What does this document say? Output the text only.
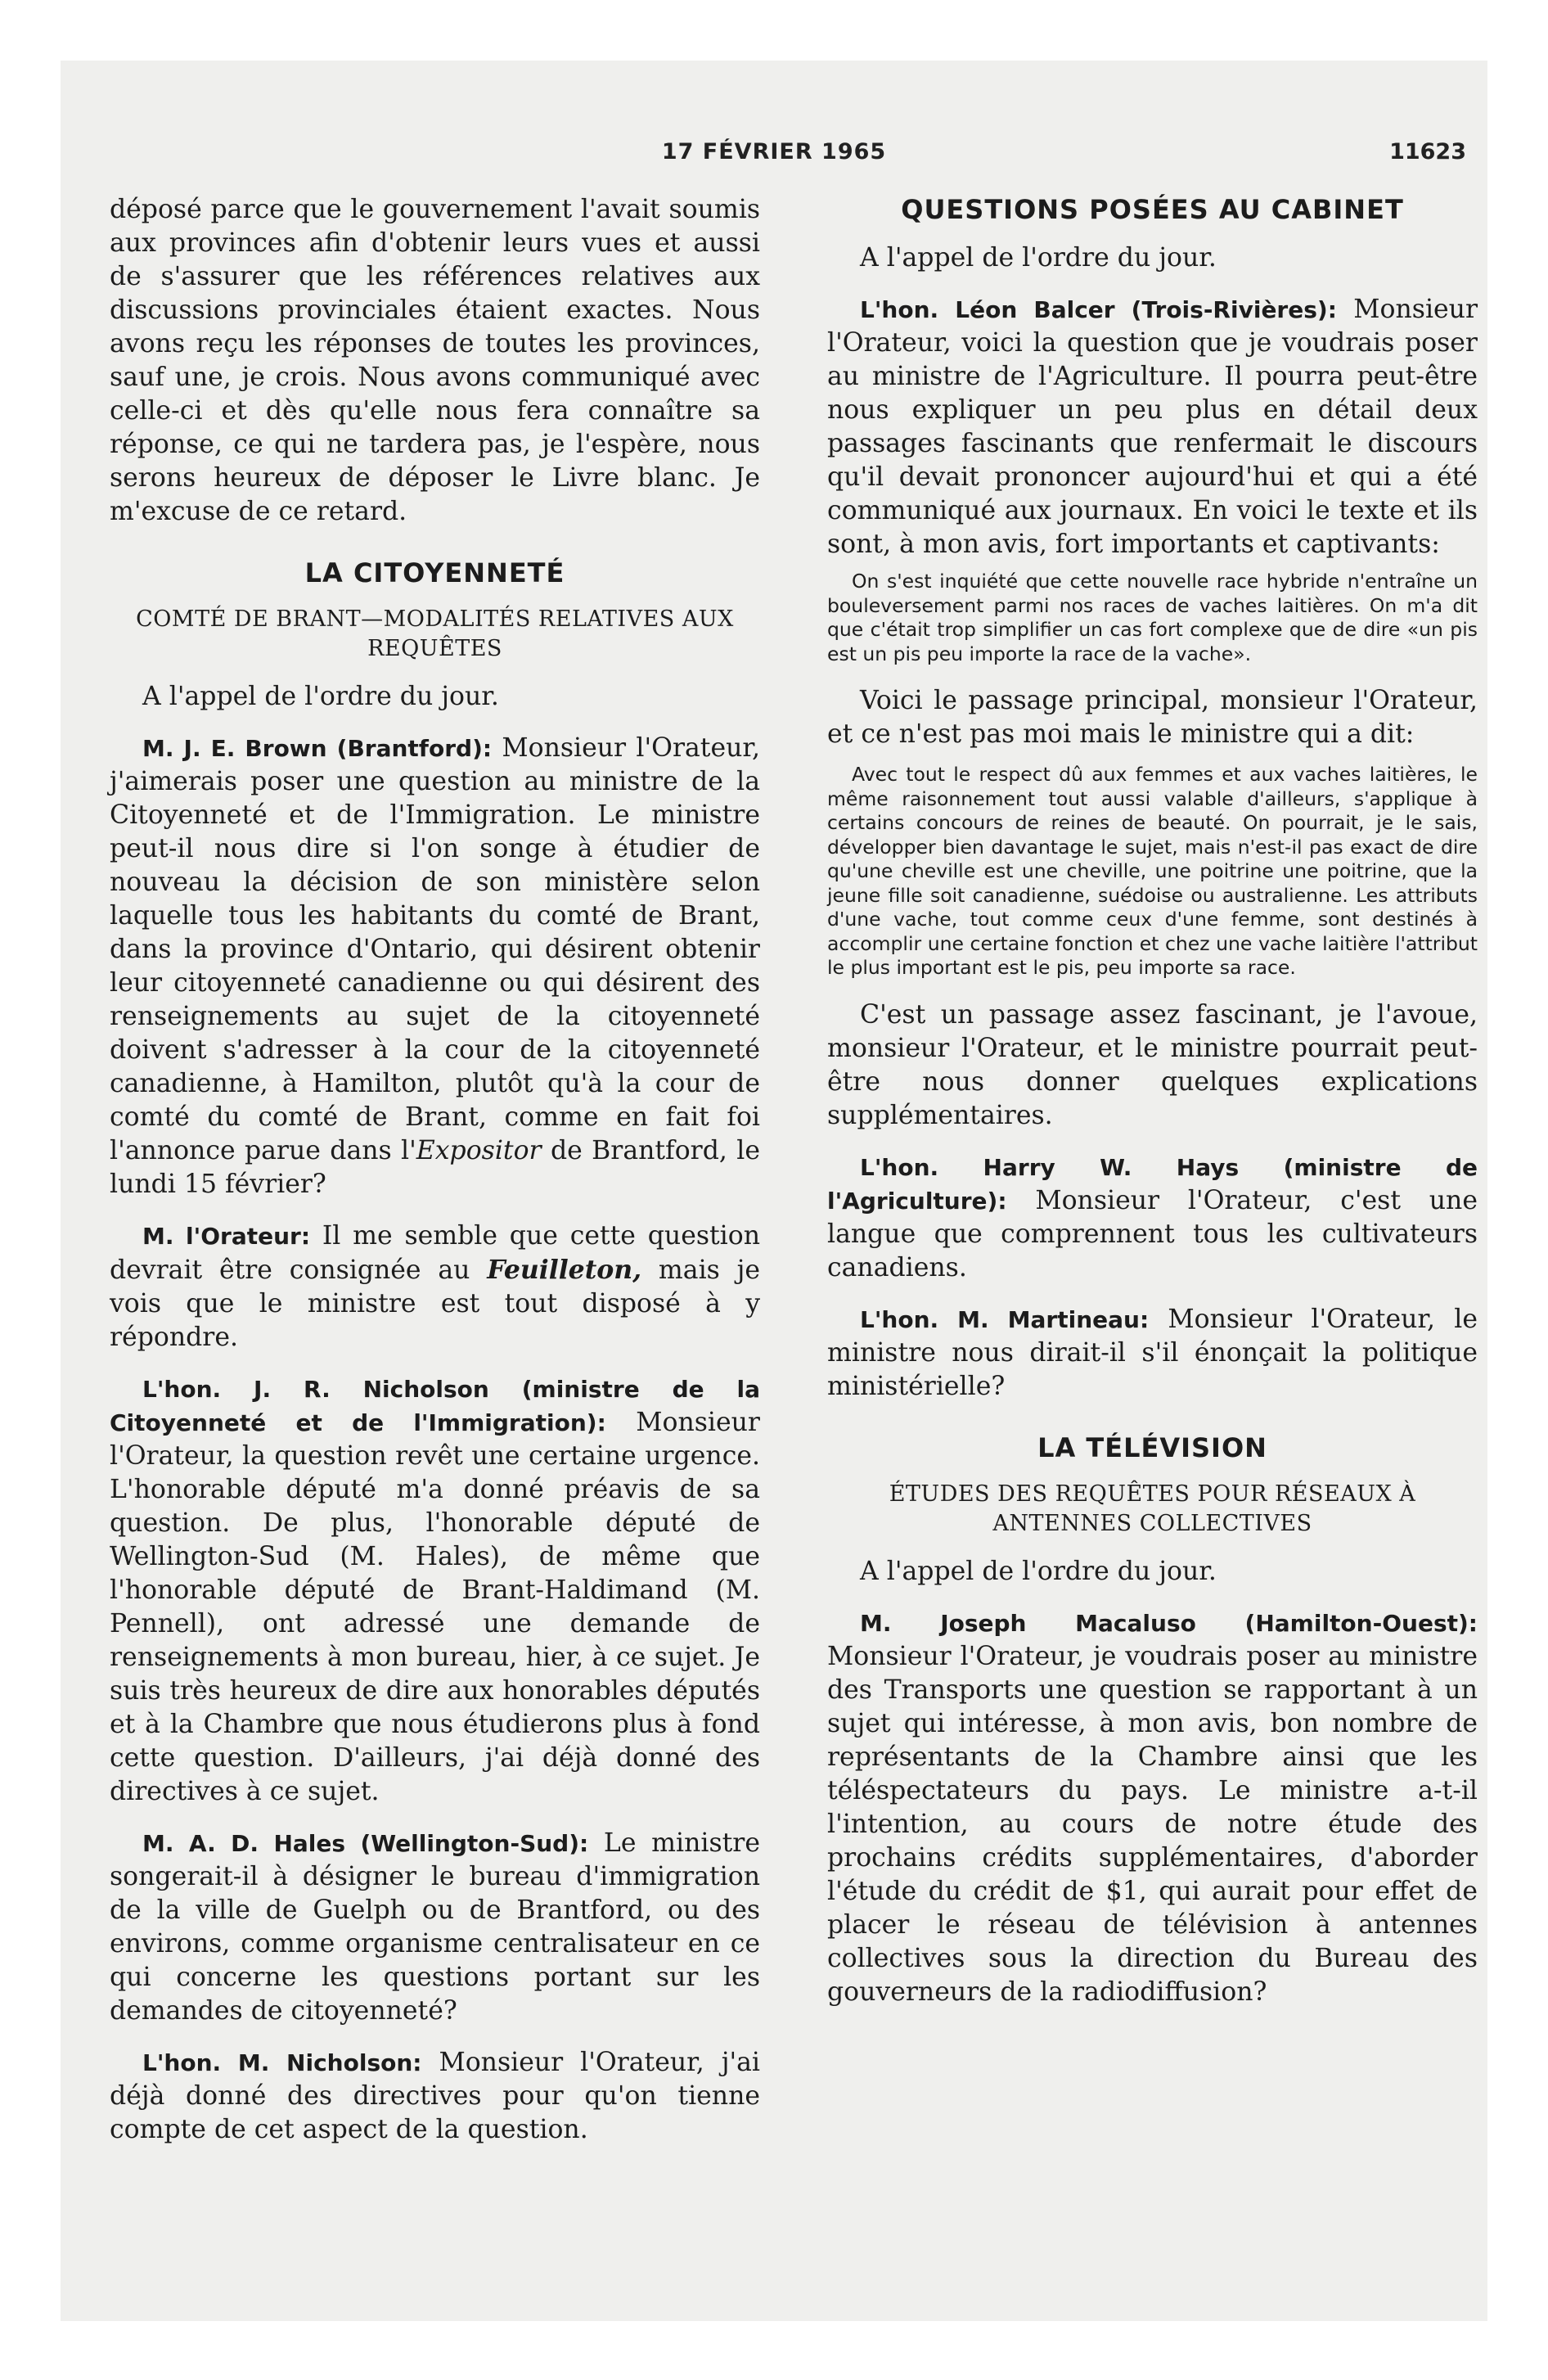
17 FÉVRIER 1965	11623

déposé parce que le gouvernement l'avait soumis aux provinces afin d'obtenir leurs vues et aussi de s'assurer que les références relatives aux discussions provinciales étaient exactes. Nous avons reçu les réponses de toutes les provinces, sauf une, je crois. Nous avons communiqué avec celle-ci et dès qu'elle nous fera connaître sa réponse, ce qui ne tardera pas, je l'espère, nous serons heureux de déposer le Livre blanc. Je m'excuse de ce retard.

LA CITOYENNETÉ
COMTÉ DE BRANT—MODALITÉS RELATIVES AUX REQUÊTES

A l'appel de l'ordre du jour.

M. J. E. Brown (Brantford): Monsieur l'Orateur, j'aimerais poser une question au ministre de la Citoyenneté et de l'Immigration. Le ministre peut-il nous dire si l'on songe à étudier de nouveau la décision de son ministère selon laquelle tous les habitants du comté de Brant, dans la province d'Ontario, qui désirent obtenir leur citoyenneté canadienne ou qui désirent des renseignements au sujet de la citoyenneté doivent s'adresser à la cour de la citoyenneté canadienne, à Hamilton, plutôt qu'à la cour de comté du comté de Brant, comme en fait foi l'annonce parue dans l'Expositor de Brantford, le lundi 15 février?

M. l'Orateur: Il me semble que cette question devrait être consignée au Feuilleton, mais je vois que le ministre est tout disposé à y répondre.

L'hon. J. R. Nicholson (ministre de la Citoyenneté et de l'Immigration): Monsieur l'Orateur, la question revêt une certaine urgence. L'honorable député m'a donné préavis de sa question. De plus, l'honorable député de Wellington-Sud (M. Hales), de même que l'honorable député de Brant-Haldimand (M. Pennell), ont adressé une demande de renseignements à mon bureau, hier, à ce sujet. Je suis très heureux de dire aux honorables députés et à la Chambre que nous étudierons plus à fond cette question. D'ailleurs, j'ai déjà donné des directives à ce sujet.

M. A. D. Hales (Wellington-Sud): Le ministre songerait-il à désigner le bureau d'immigration de la ville de Guelph ou de Brantford, ou des environs, comme organisme centralisateur en ce qui concerne les questions portant sur les demandes de citoyenneté?

L'hon. M. Nicholson: Monsieur l'Orateur, j'ai déjà donné des directives pour qu'on tienne compte de cet aspect de la question.

QUESTIONS POSÉES AU CABINET

A l'appel de l'ordre du jour.

L'hon. Léon Balcer (Trois-Rivières): Monsieur l'Orateur, voici la question que je voudrais poser au ministre de l'Agriculture. Il pourra peut-être nous expliquer un peu plus en détail deux passages fascinants que renfermait le discours qu'il devait prononcer aujourd'hui et qui a été communiqué aux journaux. En voici le texte et ils sont, à mon avis, fort importants et captivants:

On s'est inquiété que cette nouvelle race hybride n'entraîne un bouleversement parmi nos races de vaches laitières. On m'a dit que c'était trop simplifier un cas fort complexe que de dire «un pis est un pis peu importe la race de la vache».

Voici le passage principal, monsieur l'Orateur, et ce n'est pas moi mais le ministre qui a dit:

Avec tout le respect dû aux femmes et aux vaches laitières, le même raisonnement tout aussi valable d'ailleurs, s'applique à certains concours de reines de beauté. On pourrait, je le sais, développer bien davantage le sujet, mais n'est-il pas exact de dire qu'une cheville est une cheville, une poitrine une poitrine, que la jeune fille soit canadienne, suédoise ou australienne. Les attributs d'une vache, tout comme ceux d'une femme, sont destinés à accomplir une certaine fonction et chez une vache laitière l'attribut le plus important est le pis, peu importe sa race.

C'est un passage assez fascinant, je l'avoue, monsieur l'Orateur, et le ministre pourrait peut-être nous donner quelques explications supplémentaires.

L'hon. Harry W. Hays (ministre de l'Agriculture): Monsieur l'Orateur, c'est une langue que comprennent tous les cultivateurs canadiens.

L'hon. M. Martineau: Monsieur l'Orateur, le ministre nous dirait-il s'il énonçait la politique ministérielle?

LA TÉLÉVISION
ÉTUDES DES REQUÊTES POUR RÉSEAUX À ANTENNES COLLECTIVES

A l'appel de l'ordre du jour.

M. Joseph Macaluso (Hamilton-Ouest): Monsieur l'Orateur, je voudrais poser au ministre des Transports une question se rapportant à un sujet qui intéresse, à mon avis, bon nombre de représentants de la Chambre ainsi que les téléspectateurs du pays. Le ministre a-t-il l'intention, au cours de notre étude des prochains crédits supplémentaires, d'aborder l'étude du crédit de $1, qui aurait pour effet de placer le réseau de télévision à antennes collectives sous la direction du Bureau des gouverneurs de la radiodiffusion?
